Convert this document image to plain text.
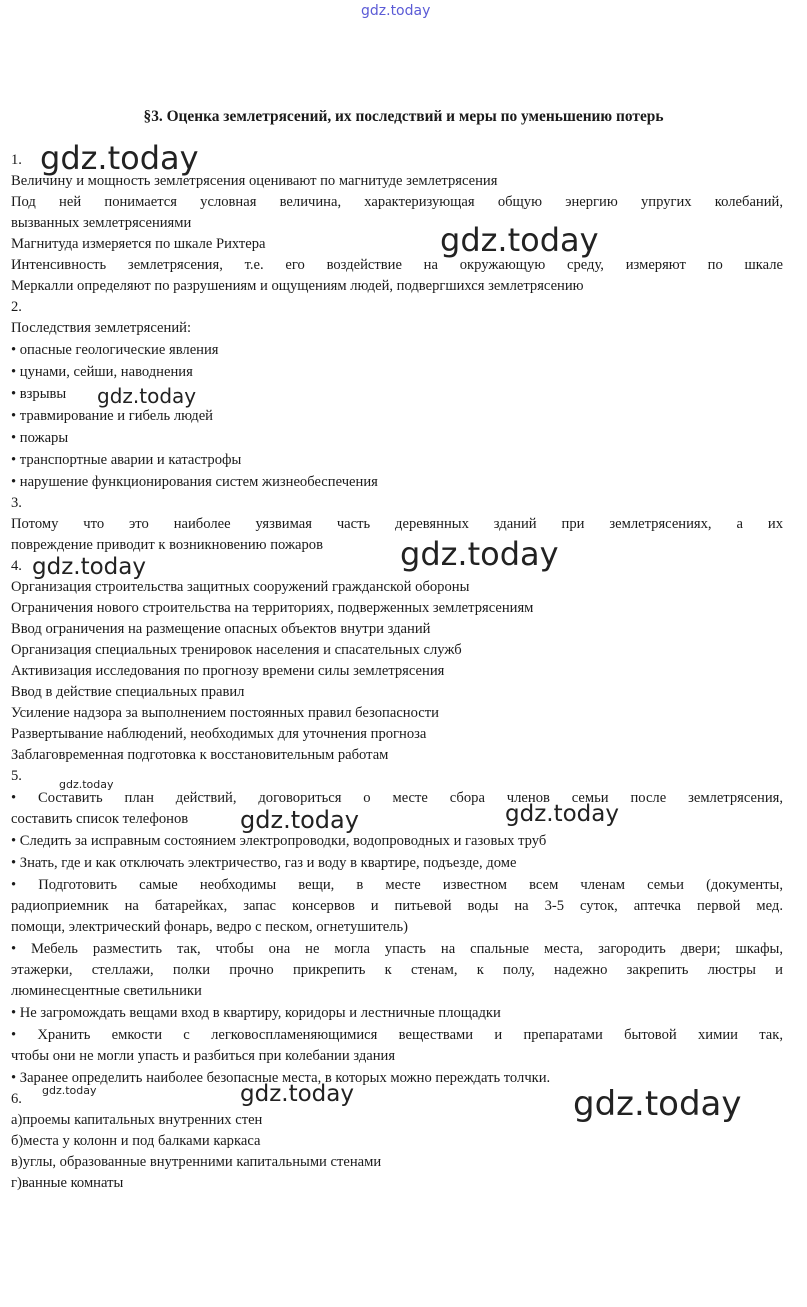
gdz.today
§3. Оценка землетрясений, их последствий и меры по уменьшению потерь
1.
Величину и мощность землетрясения оценивают по магнитуде землетрясения
Под ней понимается условная величина, характеризующая общую энергию упругих колебаний,
вызванных землетрясениями
Магнитуда измеряется по шкале Рихтера
Интенсивность землетрясения, т.е. его воздействие на окружающую среду, измеряют по шкале
Меркалли определяют по разрушениям и ощущениям людей, подвергшихся землетрясению
2.
Последствия землетрясений:
• опасные геологические явления
• цунами, сейши, наводнения
• взрывы
• травмирование и гибель людей
• пожары
• транспортные аварии и катастрофы
• нарушение функционирования систем жизнеобеспечения
3.
Потому что это наиболее уязвимая часть деревянных зданий при землетрясениях, а их
повреждение приводит к возникновению пожаров
4.
Организация строительства защитных сооружений гражданской обороны
Ограничения нового строительства на территориях, подверженных землетрясениям
Ввод ограничения на размещение опасных объектов внутри зданий
Организация специальных тренировок населения и спасательных служб
Активизация исследования по прогнозу времени силы землетрясения
Ввод в действие специальных правил
Усиление надзора за выполнением постоянных правил безопасности
Развертывание наблюдений, необходимых для уточнения прогноза
Заблаговременная подготовка к восстановительным работам
5.
• Составить план действий, договориться о месте сбора членов семьи после землетрясения,
составить список телефонов
• Следить за исправным состоянием электропроводки, водопроводных и газовых труб
• Знать, где и как отключать электричество, газ и воду в квартире, подъезде, доме
• Подготовить самые необходимы вещи, в месте известном всем членам семьи (документы,
радиоприемник на батарейках, запас консервов и питьевой воды на 3-5 суток, аптечка первой мед.
помощи, электрический фонарь, ведро с песком, огнетушитель)
• Мебель разместить так, чтобы она не могла упасть на спальные места, загородить двери; шкафы,
этажерки, стеллажи, полки прочно прикрепить к стенам, к полу, надежно закрепить люстры и
люминесцентные светильники
• Не загромождать вещами вход в квартиру, коридоры и лестничные площадки
• Хранить емкости с легковоспламеняющимися веществами и препаратами бытовой химии так,
чтобы они не могли упасть и разбиться при колебании здания
• Заранее определить наиболее безопасные места, в которых можно переждать толчки.
6.
а)проемы капитальных внутренних стен
б)места у колонн и под балками каркаса
в)углы, образованные внутренними капитальными стенами
г)ванные комнаты
gdz.today
gdz.today
gdz.today
gdz.today
gdz.today
gdz.today
gdz.today	gdz.today
gdz.today	gdz.today	gdz.today
